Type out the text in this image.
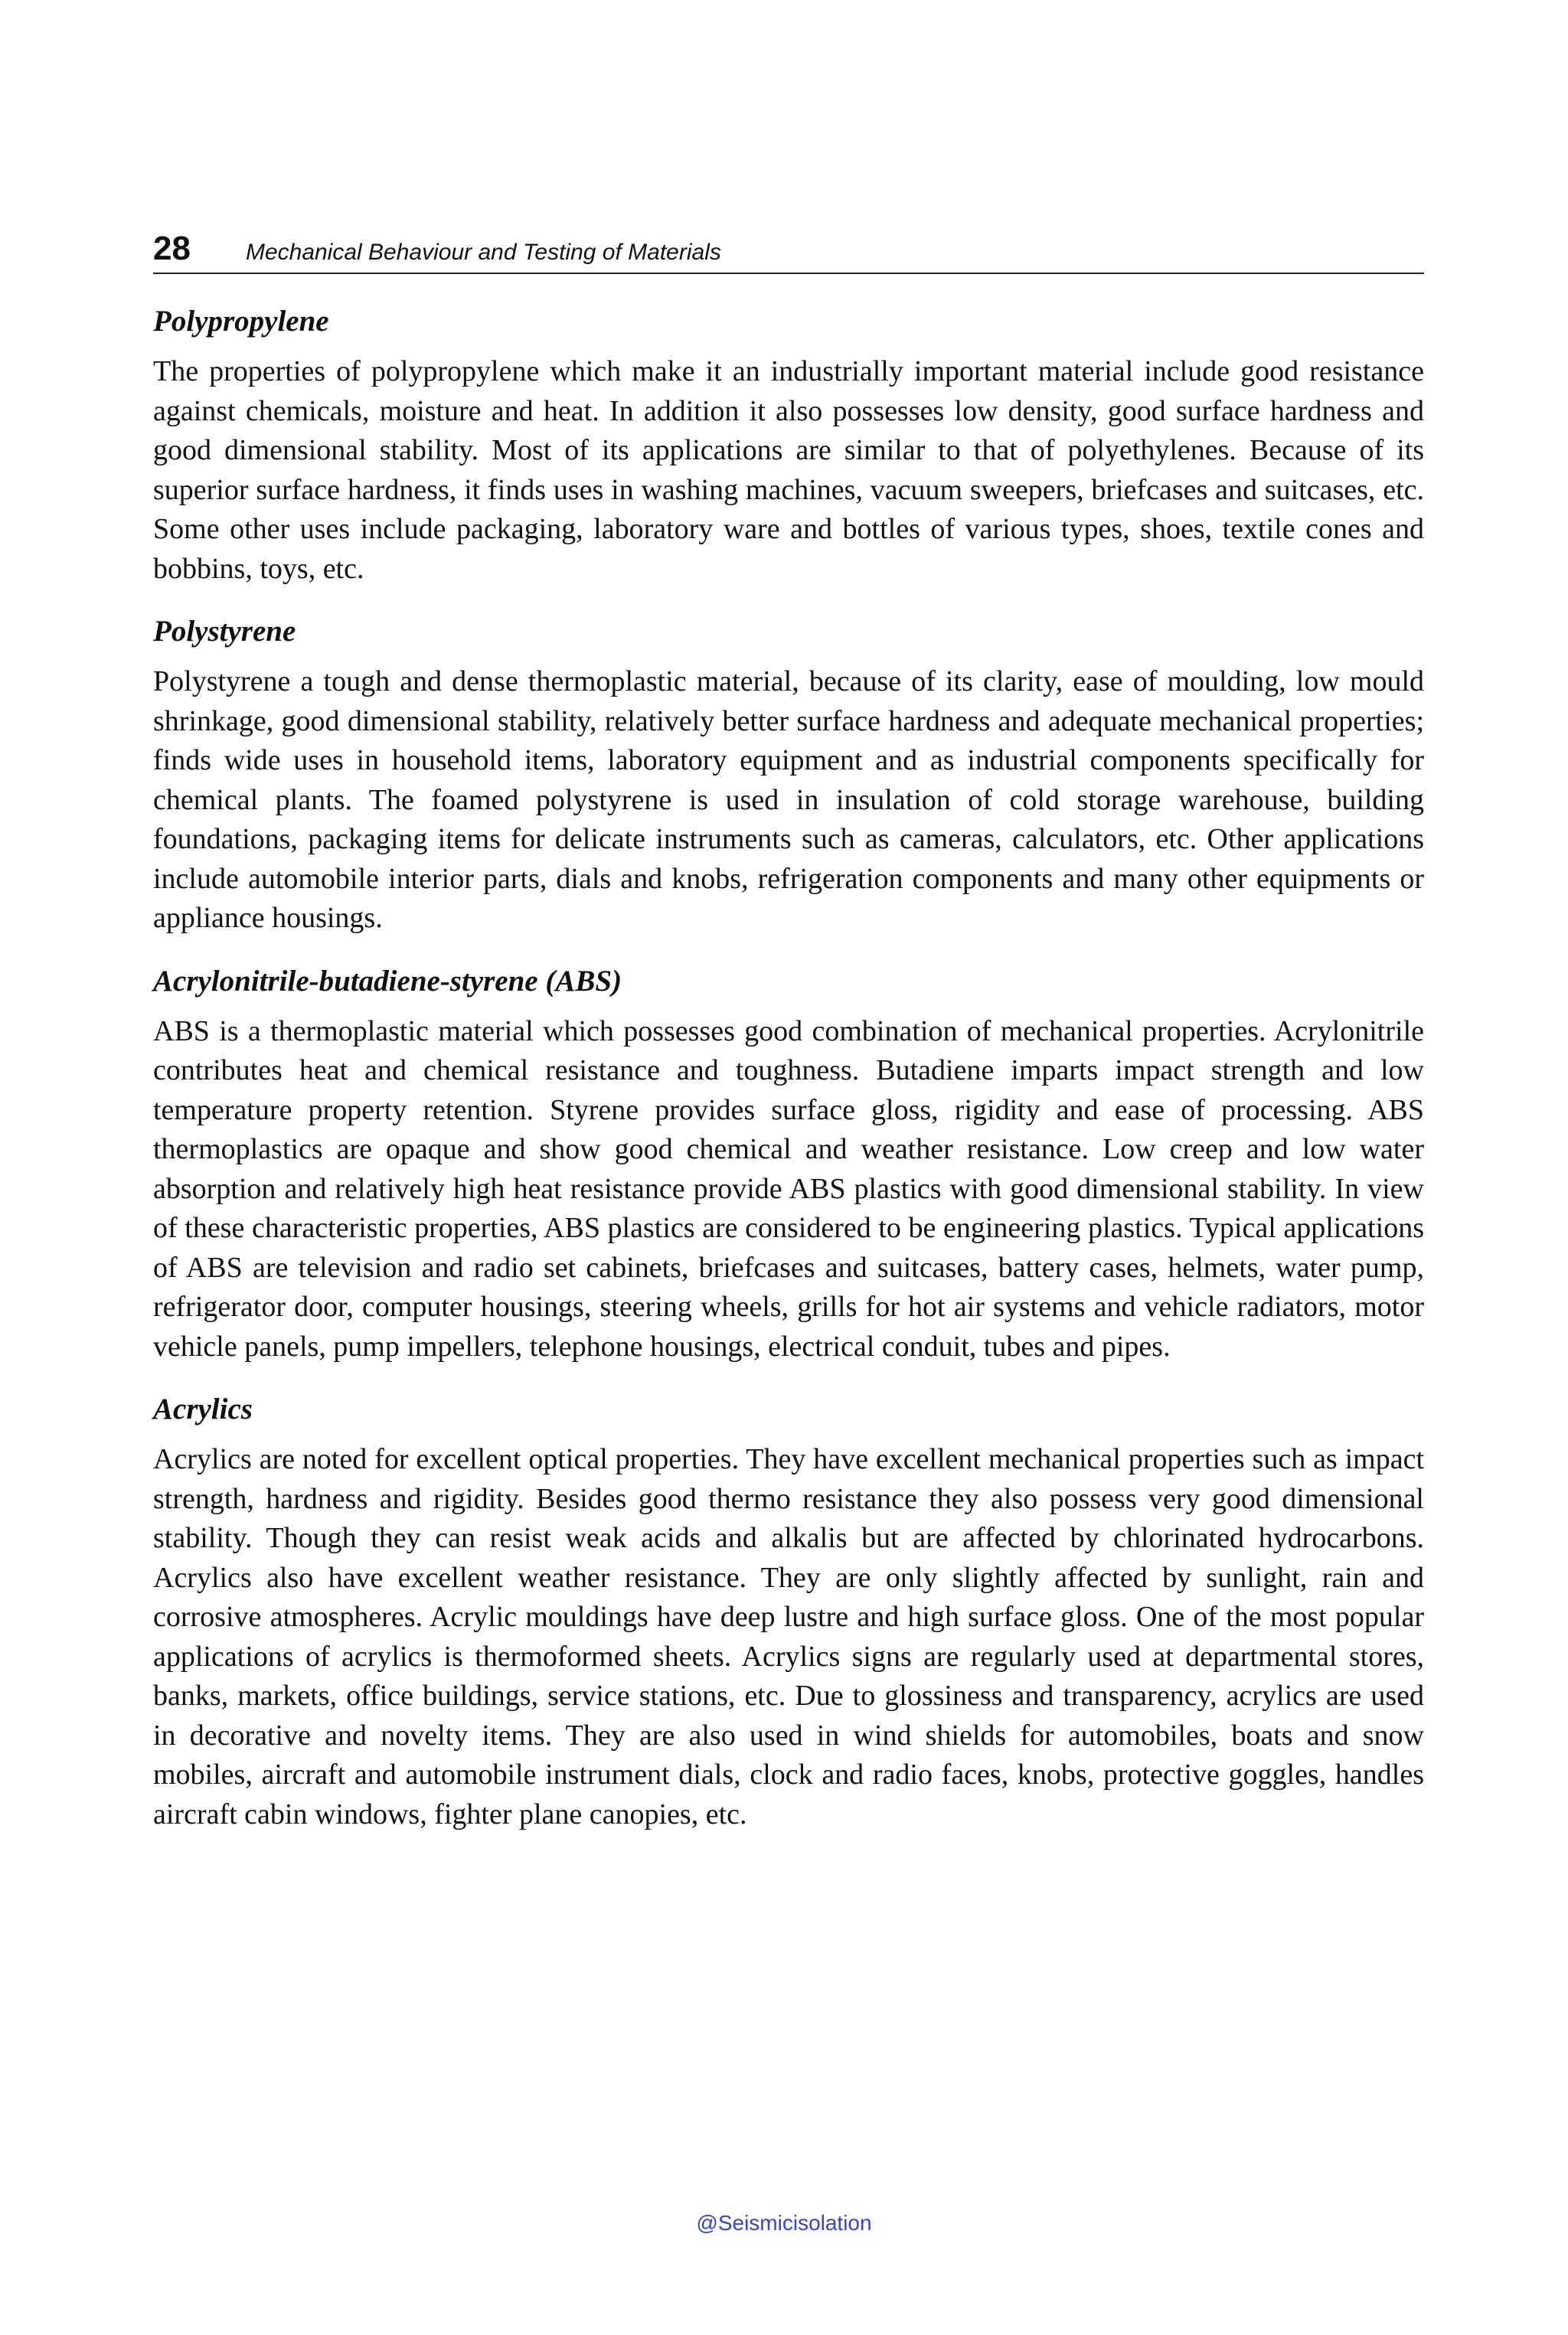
28 Mechanical Behaviour and Testing of Materials
Polypropylene

The properties of polypropylene which make it an industrially important material include good resistance against chemicals, moisture and heat. In addition it also possesses low density, good surface hardness and good dimensional stability. Most of its applications are similar to that of polyethylenes. Because of its superior surface hardness, it finds uses in washing machines, vacuum sweepers, briefcases and suitcases, etc. Some other uses include packaging, laboratory ware and bottles of various types, shoes, textile cones and bobbins, toys, etc.

Polystyrene

Polystyrene a tough and dense thermoplastic material, because of its clarity, ease of moulding, low mould shrinkage, good dimensional stability, relatively better surface hardness and adequate mechanical properties; finds wide uses in household items, laboratory equipment and as industrial components specifically for chemical plants. The foamed polystyrene is used in insulation of cold storage warehouse, building foundations, packaging items for delicate instruments such as cameras, calculators, etc. Other applications include automobile interior parts, dials and knobs, refrigeration components and many other equipments or appliance housings.

Acrylonitrile-butadiene-styrene (ABS)

ABS is a thermoplastic material which possesses good combination of mechanical properties. Acrylonitrile contributes heat and chemical resistance and toughness. Butadiene imparts impact strength and low temperature property retention. Styrene provides surface gloss, rigidity and ease of processing. ABS thermoplastics are opaque and show good chemical and weather resistance. Low creep and low water absorption and relatively high heat resistance provide ABS plastics with good dimensional stability. In view of these characteristic properties, ABS plastics are considered to be engineering plastics. Typical applications of ABS are television and radio set cabinets, briefcases and suitcases, battery cases, helmets, water pump, refrigerator door, computer housings, steering wheels, grills for hot air systems and vehicle radiators, motor vehicle panels, pump impellers, telephone housings, electrical conduit, tubes and pipes.

Acrylics

Acrylics are noted for excellent optical properties. They have excellent mechanical properties such as impact strength, hardness and rigidity. Besides good thermo resistance they also possess very good dimensional stability. Though they can resist weak acids and alkalis but are affected by chlorinated hydrocarbons. Acrylics also have excellent weather resistance. They are only slightly affected by sunlight, rain and corrosive atmospheres. Acrylic mouldings have deep lustre and high surface gloss. One of the most popular applications of acrylics is thermoformed sheets. Acrylics signs are regularly used at departmental stores, banks, markets, office buildings, service stations, etc. Due to glossiness and transparency, acrylics are used in decorative and novelty items. They are also used in wind shields for automobiles, boats and snow mobiles, aircraft and automobile instrument dials, clock and radio faces, knobs, protective goggles, handles aircraft cabin windows, fighter plane canopies, etc.

@Seismicisolation
